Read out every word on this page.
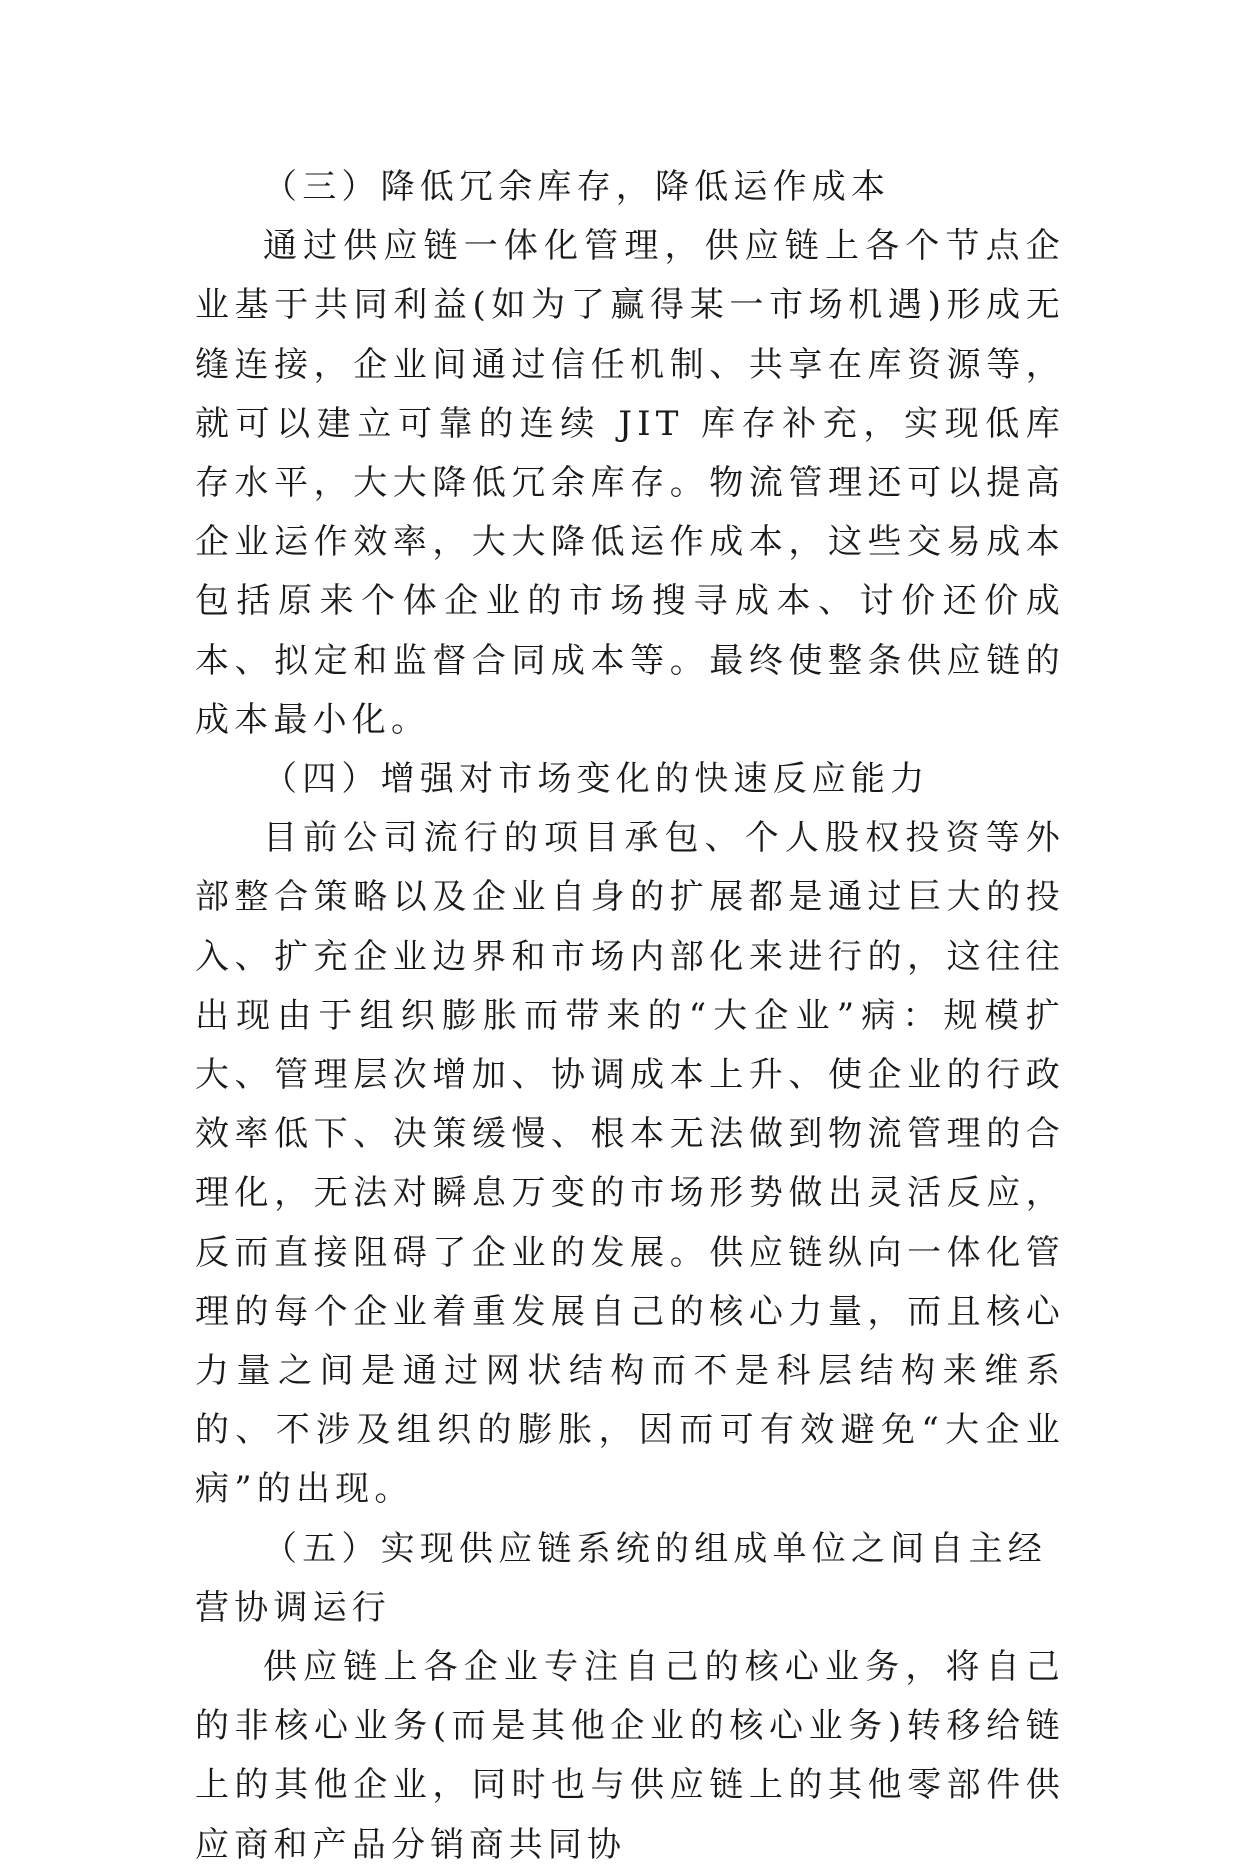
（三）降低冗余库存，降低运作成本

通过供应链一体化管理，供应链上各个节点企业基于共同利益(如为了赢得某一市场机遇)形成无缝连接，企业间通过信任机制、共享在库资源等，就可以建立可靠的连续 JIT 库存补充，实现低库存水平，大大降低冗余库存。物流管理还可以提高企业运作效率，大大降低运作成本，这些交易成本包括原来个体企业的市场搜寻成本、讨价还价成本、拟定和监督合同成本等。最终使整条供应链的成本最小化。

（四）增强对市场变化的快速反应能力

目前公司流行的项目承包、个人股权投资等外部整合策略以及企业自身的扩展都是通过巨大的投入、扩充企业边界和市场内部化来进行的，这往往出现由于组织膨胀而带来的“大企业”病：规模扩大、管理层次增加、协调成本上升、使企业的行政效率低下、决策缓慢、根本无法做到物流管理的合理化，无法对瞬息万变的市场形势做出灵活反应，反而直接阻碍了企业的发展。供应链纵向一体化管理的每个企业着重发展自己的核心力量，而且核心力量之间是通过网状结构而不是科层结构来维系的、不涉及组织的膨胀，因而可有效避免“大企业病”的出现。

（五）实现供应链系统的组成单位之间自主经营协调运行

供应链上各企业专注自己的核心业务，将自己的非核心业务(而是其他企业的核心业务)转移给链上的其他企业，同时也与供应链上的其他零部件供应商和产品分销商共同协
